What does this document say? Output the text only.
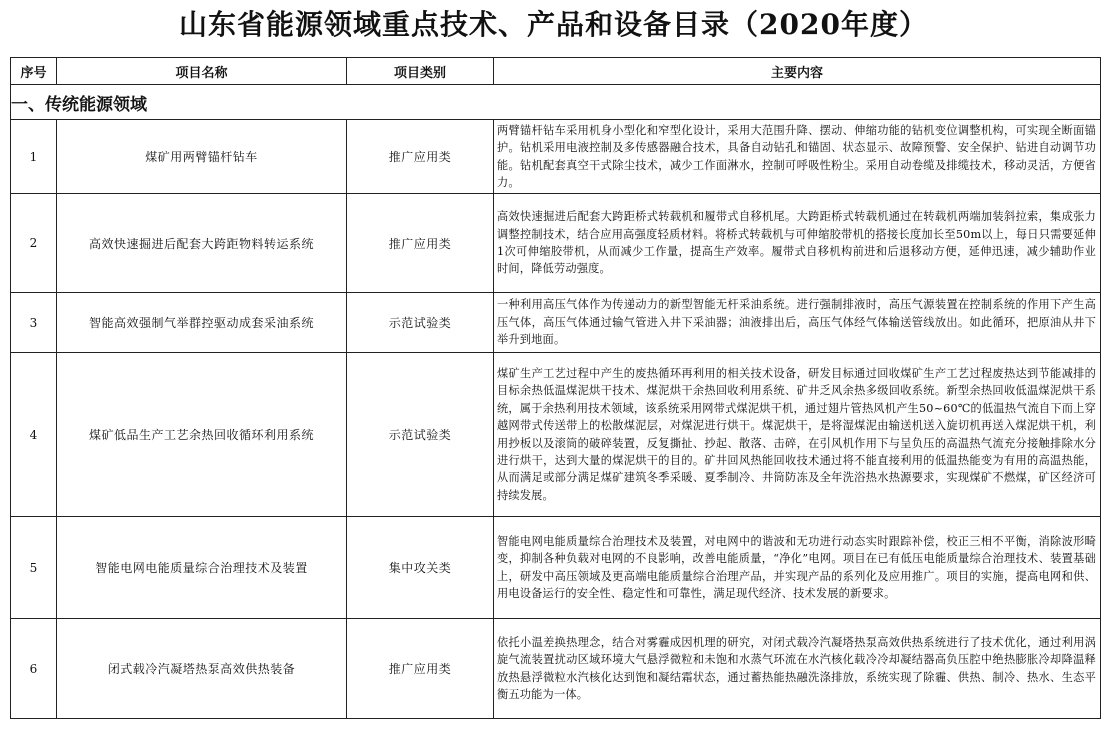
山东省能源领域重点技术、产品和设备目录（2020年度）
序号	项目名称	项目类别	主要内容
一、传统能源领域			
1	煤矿用两臂锚杆钻车	推广应用类	两臂锚杆钻车采用机身小型化和窄型化设计，采用大范围升降、摆动、伸缩功能的钻机变位调整机构，可实现全断面锚护。钻机采用电液控制及多传感器融合技术，具备自动钻孔和锚固、状态显示、故障预警、安全保护、钻进自动调节功能。钻机配套真空干式除尘技术，减少工作面淋水，控制可呼吸性粉尘。采用自动卷缆及排缆技术，移动灵活，方便省力。
2	高效快速掘进后配套大跨距物料转运系统	推广应用类	高效快速掘进后配套大跨距桥式转载机和履带式自移机尾。大跨距桥式转载机通过在转载机两端加装斜拉索，集成张力调整控制技术，结合应用高强度轻质材料。将桥式转载机与可伸缩胶带机的搭接长度加长至50m以上，每日只需要延伸1次可伸缩胶带机，从而减少工作量，提高生产效率。履带式自移机构前进和后退移动方便，延伸迅速，减少辅助作业时间，降低劳动强度。
3	智能高效强制气举群控驱动成套采油系统	示范试验类	一种利用高压气体作为传递动力的新型智能无杆采油系统。进行强制排液时，高压气源装置在控制系统的作用下产生高压气体，高压气体通过输气管进入井下采油器；油液排出后，高压气体经气体输送管线放出。如此循环，把原油从井下举升到地面。
4	煤矿低品生产工艺余热回收循环利用系统	示范试验类	煤矿生产工艺过程中产生的废热循环再利用的相关技术设备，研发目标通过回收煤矿生产工艺过程废热达到节能减排的目标余热低温煤泥烘干技术、煤泥烘干余热回收利用系统、矿井乏风余热多级回收系统。新型余热回收低温煤泥烘干系统，属于余热利用技术领域，该系统采用网带式煤泥烘干机，通过翅片管热风机产生50~60℃的低温热气流自下而上穿越网带式传送带上的松散煤泥层，对煤泥进行烘干。煤泥烘干，是将湿煤泥由输送机送入旋切机再送入煤泥烘干机，利用抄板以及滚筒的破碎装置，反复撕扯、抄起、散落、击碎，在引风机作用下与呈负压的高温热气流充分接触排除水分进行烘干，达到大量的煤泥烘干的目的。矿井回风热能回收技术通过将不能直接利用的低温热能变为有用的高温热能，从而满足或部分满足煤矿建筑冬季采暖、夏季制冷、井筒防冻及全年洗浴热水热源要求，实现煤矿不燃煤，矿区经济可持续发展。
5	智能电网电能质量综合治理技术及装置	集中攻关类	智能电网电能质量综合治理技术及装置，对电网中的谐波和无功进行动态实时跟踪补偿，校正三相不平衡，消除波形畸变，抑制各种负载对电网的不良影响，改善电能质量，“净化”电网。项目在已有低压电能质量综合治理技术、装置基础上，研发中高压领域及更高端电能质量综合治理产品，并实现产品的系列化及应用推广。项目的实施，提高电网和供、用电设备运行的安全性、稳定性和可靠性，满足现代经济、技术发展的新要求。
6	闭式载冷汽凝塔热泵高效供热装备	推广应用类	依托小温差换热理念，结合对雾霾成因机理的研究，对闭式载冷汽凝塔热泵高效供热系统进行了技术优化，通过利用涡旋气流装置扰动区域环境大气悬浮微粒和未饱和水蒸气环流在水汽核化载冷冷却凝结器高负压腔中绝热膨胀冷却降温释放热悬浮微粒水汽核化达到饱和凝结霜状态，通过蓄热能热融洗涤排放，系统实现了除霾、供热、制冷、热水、生态平衡五功能为一体。
